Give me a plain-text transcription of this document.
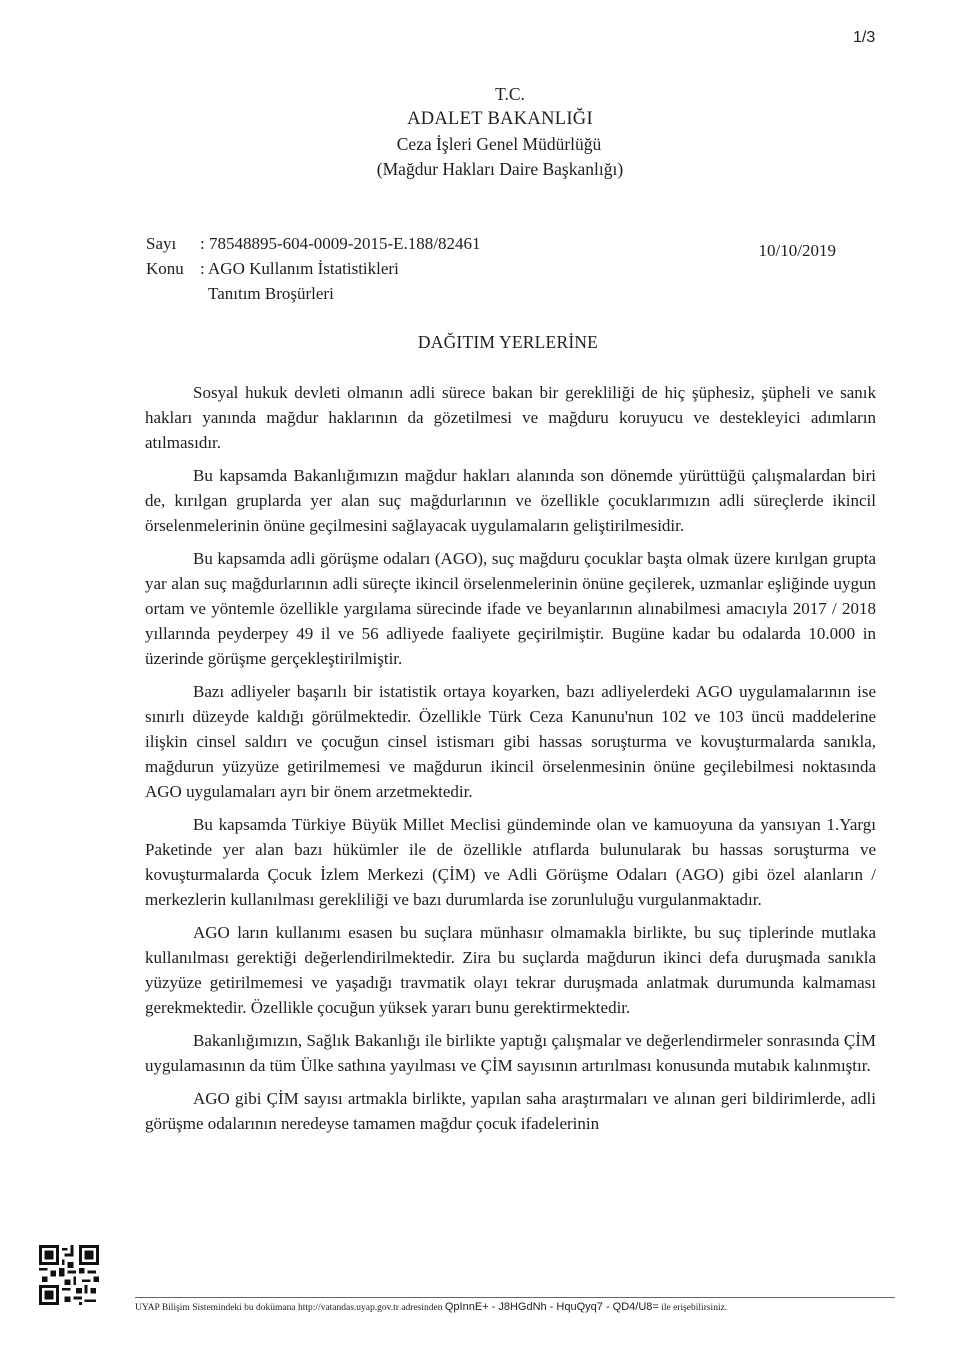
1/3
T.C.
ADALET BAKANLIĞI
Ceza İşleri Genel Müdürlüğü
(Mağdur Hakları Daire Başkanlığı)
Sayı	: 78548895-604-0009-2015-E.188/82461	10/10/2019
Konu : AGO Kullanım İstatistikleri
Tanıtım Broşürleri
DAĞITIM YERLERİNE

Sosyal hukuk devleti olmanın adli sürece bakan bir gerekliliği de hiç şüphesiz, şüpheli ve sanık hakları yanında mağdur haklarının da gözetilmesi ve mağduru koruyucu ve destekleyici adımların atılmasıdır.

Bu kapsamda Bakanlığımızın mağdur hakları alanında son dönemde yürüttüğü çalışmalardan biri de, kırılgan gruplarda yer alan suç mağdurlarının ve özellikle çocuklarımızın adli süreçlerde ikincil örselenmelerinin önüne geçilmesini sağlayacak uygulamaların geliştirilmesidir.

Bu kapsamda adli görüşme odaları (AGO), suç mağduru çocuklar başta olmak üzere kırılgan grupta yar alan suç mağdurlarının adli süreçte ikincil örselenmelerinin önüne geçilerek, uzmanlar eşliğinde uygun ortam ve yöntemle özellikle yargılama sürecinde ifade ve beyanlarının alınabilmesi amacıyla 2017 / 2018 yıllarında peyderpey 49 il ve 56 adliyede faaliyete geçirilmiştir. Bugüne kadar bu odalarda 10.000 in üzerinde görüşme gerçekleştirilmiştir.

Bazı adliyeler başarılı bir istatistik ortaya koyarken, bazı adliyelerdeki AGO uygulamalarının ise sınırlı düzeyde kaldığı görülmektedir. Özellikle Türk Ceza Kanunu'nun 102 ve 103 üncü maddelerine ilişkin cinsel saldırı ve çocuğun cinsel istismarı gibi hassas soruşturma ve kovuşturmalarda sanıkla, mağdurun yüzyüze getirilmemesi ve mağdurun ikincil örselenmesinin önüne geçilebilmesi noktasında AGO uygulamaları ayrı bir önem arzetmektedir.

Bu kapsamda Türkiye Büyük Millet Meclisi gündeminde olan ve kamuoyuna da yansıyan 1.Yargı Paketinde yer alan bazı hükümler ile de özellikle atıflarda bulunularak bu hassas soruşturma ve kovuşturmalarda Çocuk İzlem Merkezi (ÇİM) ve Adli Görüşme Odaları (AGO) gibi özel alanların / merkezlerin kullanılması gerekliliği ve bazı durumlarda ise zorunluluğu vurgulanmaktadır.

AGO ların kullanımı esasen bu suçlara münhasır olmamakla birlikte, bu suç tiplerinde mutlaka kullanılması gerektiği değerlendirilmektedir. Zira bu suçlarda mağdurun ikinci defa duruşmada sanıkla yüzyüze getirilmemesi ve yaşadığı travmatik olayı tekrar duruşmada anlatmak durumunda kalmaması gerekmektedir. Özellikle çocuğun yüksek yararı bunu gerektirmektedir.

Bakanlığımızın, Sağlık Bakanlığı ile birlikte yaptığı çalışmalar ve değerlendirmeler sonrasında ÇİM uygulamasının da tüm Ülke sathına yayılması ve ÇİM sayısının artırılması konusunda mutabık kalınmıştır.

AGO gibi ÇİM sayısı artmakla birlikte, yapılan saha araştırmaları ve alınan geri bildirimlerde, adli görüşme odalarının neredeyse tamamen mağdur çocuk ifadelerinin

UYAP Bilişim Sistemindeki bu dokümana http://vatandas.uyap.gov.tr adresinden QpInnE+ - J8HGdNh - HquQyq7 - QD4/U8= ile erişebilirsiniz.
